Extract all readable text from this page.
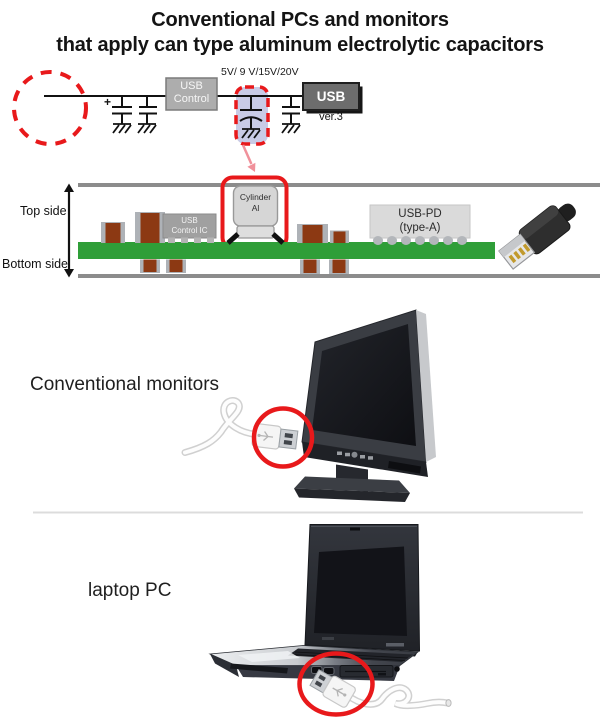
Conventional PCs and monitors
that apply can type aluminum electrolytic capacitors
5V/ 9 V/15V/20V
+
USB
Control	USB
ver.3
Top side
Bottom side
USB
Control IC
Cylinder
Al	USB-PD
(type-A)
Conventional monitors
laptop PC
